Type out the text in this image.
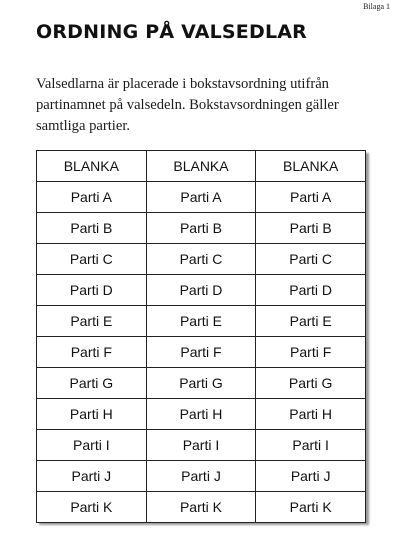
Bilaga 1
ORDNING PÅ VALSEDLAR

Valsedlarna är placerade i bokstavsordning utifrån partinamnet på valsedeln. Bokstavsordningen gäller samtliga partier.

BLANKA	BLANKA	BLANKA
Parti A	Parti A	Parti A
Parti B	Parti B	Parti B
Parti C	Parti C	Parti C
Parti D	Parti D	Parti D
Parti E	Parti E	Parti E
Parti F	Parti F	Parti F
Parti G	Parti G	Parti G
Parti H	Parti H	Parti H
Parti I	Parti I	Parti I
Parti J	Parti J	Parti J
Parti K	Parti K	Parti K
